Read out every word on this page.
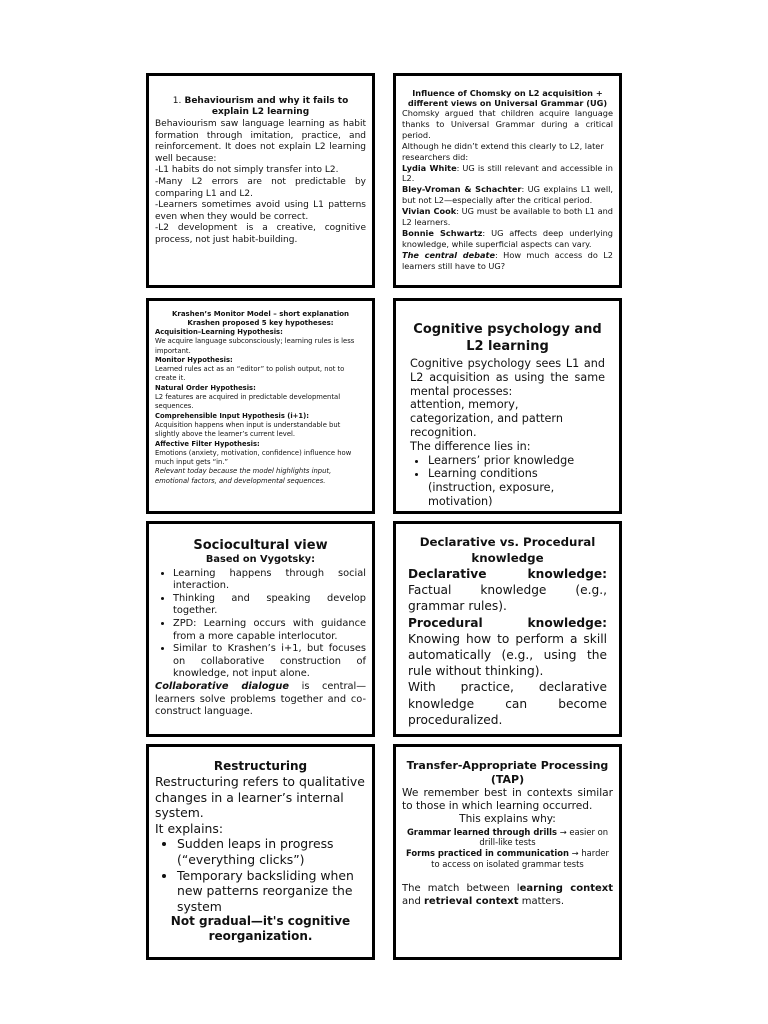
1. Behaviourism and why it fails to explain L2 learning
Behaviourism saw language learning as habit formation through imitation, practice, and reinforcement. It does not explain L2 learning well because:
-L1 habits do not simply transfer into L2.
-Many L2 errors are not predictable by comparing L1 and L2.
-Learners sometimes avoid using L1 patterns even when they would be correct.
-L2 development is a creative, cognitive process, not just habit-building.
Influence of Chomsky on L2 acquisition + different views on Universal Grammar (UG)
Chomsky argued that children acquire language thanks to Universal Grammar during a critical period.
Although he didn’t extend this clearly to L2, later researchers did:
Lydia White: UG is still relevant and accessible in L2.
Bley-Vroman & Schachter: UG explains L1 well, but not L2—especially after the critical period.
Vivian Cook: UG must be available to both L1 and L2 learners.
Bonnie Schwartz: UG affects deep underlying knowledge, while superficial aspects can vary.
The central debate: How much access do L2 learners still have to UG?
Krashen’s Monitor Model – short explanation
Krashen proposed 5 key hypotheses:
Acquisition–Learning Hypothesis:
We acquire language subconsciously; learning rules is less important.
Monitor Hypothesis:
Learned rules act as an “editor” to polish output, not to create it.
Natural Order Hypothesis:
L2 features are acquired in predictable developmental sequences.
Comprehensible Input Hypothesis (i+1):
Acquisition happens when input is understandable but slightly above the learner’s current level.
Affective Filter Hypothesis:
Emotions (anxiety, motivation, confidence) influence how much input gets “in.”
Relevant today because the model highlights input, emotional factors, and developmental sequences.
Cognitive psychology and L2 learning
Cognitive psychology sees L1 and L2 acquisition as using the same mental processes:
attention, memory, categorization, and pattern recognition.
The difference lies in:
• Learners’ prior knowledge
• Learning conditions (instruction, exposure, motivation)
Sociocultural view
Based on Vygotsky:
• Learning happens through social interaction.
• Thinking and speaking develop together.
• ZPD: Learning occurs with guidance from a more capable interlocutor.
• Similar to Krashen’s i+1, but focuses on collaborative construction of knowledge, not input alone.
Collaborative dialogue is central—learners solve problems together and co-construct language.
Declarative vs. Procedural knowledge
Declarative knowledge:
Factual knowledge (e.g., grammar rules).
Procedural knowledge:
Knowing how to perform a skill automatically (e.g., using the rule without thinking).
With practice, declarative knowledge can become proceduralized.
Restructuring
Restructuring refers to qualitative changes in a learner’s internal system.
It explains:
• Sudden leaps in progress (“everything clicks”)
• Temporary backsliding when new patterns reorganize the system
Not gradual—it's cognitive reorganization.
Transfer-Appropriate Processing (TAP)
We remember best in contexts similar to those in which learning occurred.
This explains why:
Grammar learned through drills → easier on drill-like tests
Forms practiced in communication → harder to access on isolated grammar tests
The match between learning context and retrieval context matters.
